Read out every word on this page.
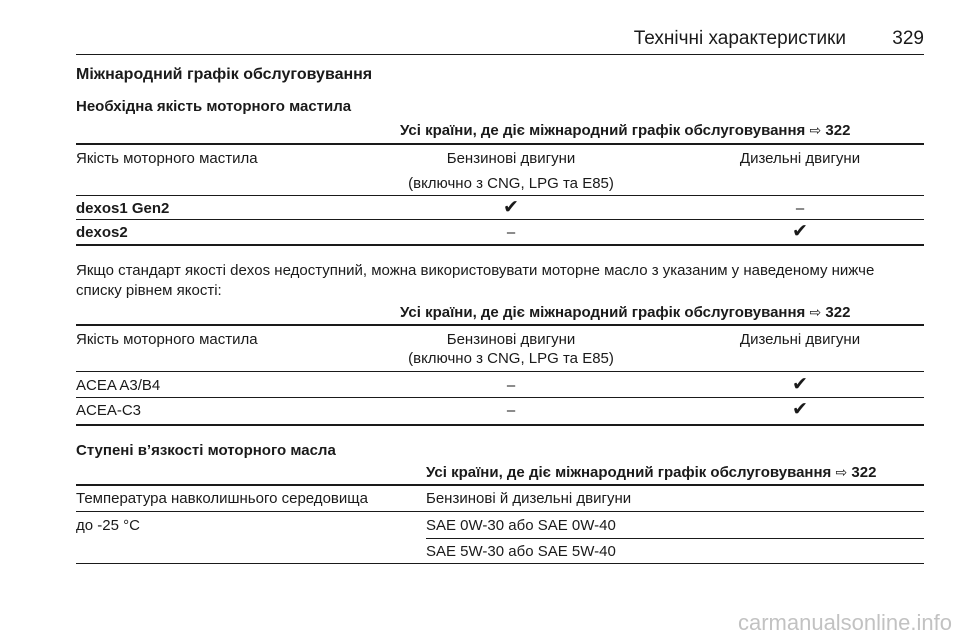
Технічні характеристики 329
Міжнародний графік обслуговування
Необхідна якість моторного мастила
Усі країни, де діє міжнародний графік обслуговування ⇨ 322
Якість моторного мастила	Бензинові двигуни	Дизельні двигуни
(включно з CNG, LPG та E85)
dexos1 Gen2	✔	–
dexos2	–	✔
Якщо стандарт якості dexos недоступний, можна використовувати моторне масло з указаним у наведеному нижче списку рівнем якості:
Усі країни, де діє міжнародний графік обслуговування ⇨ 322
Якість моторного мастила	Бензинові двигуни	Дизельні двигуни
(включно з CNG, LPG та E85)
ACEA A3/B4	–	✔
ACEA-C3	–	✔
Ступені в’язкості моторного масла
Усі країни, де діє міжнародний графік обслуговування ⇨ 322
Температура навколишнього середовища	Бензинові й дизельні двигуни
до -25 °C	SAE 0W-30 або SAE 0W-40
SAE 5W-30 або SAE 5W-40
carmanualsonline.info
